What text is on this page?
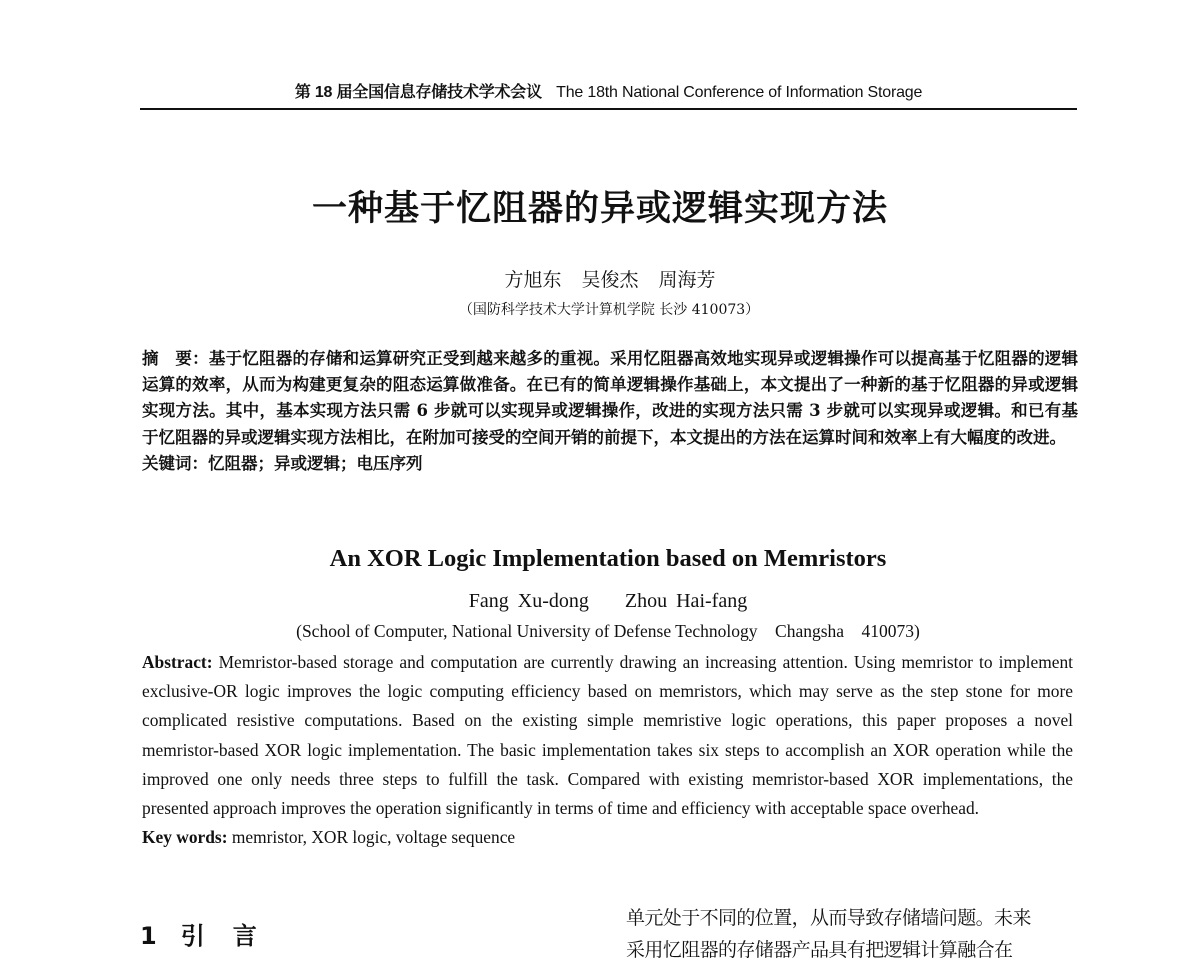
第 18 届全国信息存储技术学术会议 The 18th National Conference of Information Storage
一种基于忆阻器的异或逻辑实现方法
方旭东 吴俊杰 周海芳
（国防科学技术大学计算机学院 长沙 410073）
摘　要：基于忆阻器的存储和运算研究正受到越来越多的重视。采用忆阻器高效地实现异或逻辑操作可以提高基于忆阻器的逻辑运算的效率，从而为构建更复杂的阻态运算做准备。在已有的简单逻辑操作基础上，本文提出了一种新的基于忆阻器的异或逻辑实现方法。其中，基本实现方法只需 6 步就可以实现异或逻辑操作，改进的实现方法只需 3 步就可以实现异或逻辑。和已有基于忆阻器的异或逻辑实现方法相比，在附加可接受的空间开销的前提下，本文提出的方法在运算时间和效率上有大幅度的改进。
关键词：忆阻器；异或逻辑；电压序列
An XOR Logic Implementation based on Memristors
Fang Xu-dong    Zhou Hai-fang
(School of Computer, National University of Defense Technology    Changsha    410073)
Abstract: Memristor-based storage and computation are currently drawing an increasing attention. Using memristor to implement exclusive-OR logic improves the logic computing efficiency based on memristors, which may serve as the step stone for more complicated resistive computations. Based on the existing simple memristive logic operations, this paper proposes a novel memristor-based XOR logic implementation. The basic implementation takes six steps to accomplish an XOR operation while the improved one only needs three steps to fulfill the task. Compared with existing memristor-based XOR implementations, the presented approach improves the operation significantly in terms of time and efficiency with acceptable space overhead.
Key words: memristor, XOR logic, voltage sequence
1 引 言
单元处于不同的位置，从而导致存储墙问题。未来
采用忆阻器的存储器产品具有把逻辑计算融合在
